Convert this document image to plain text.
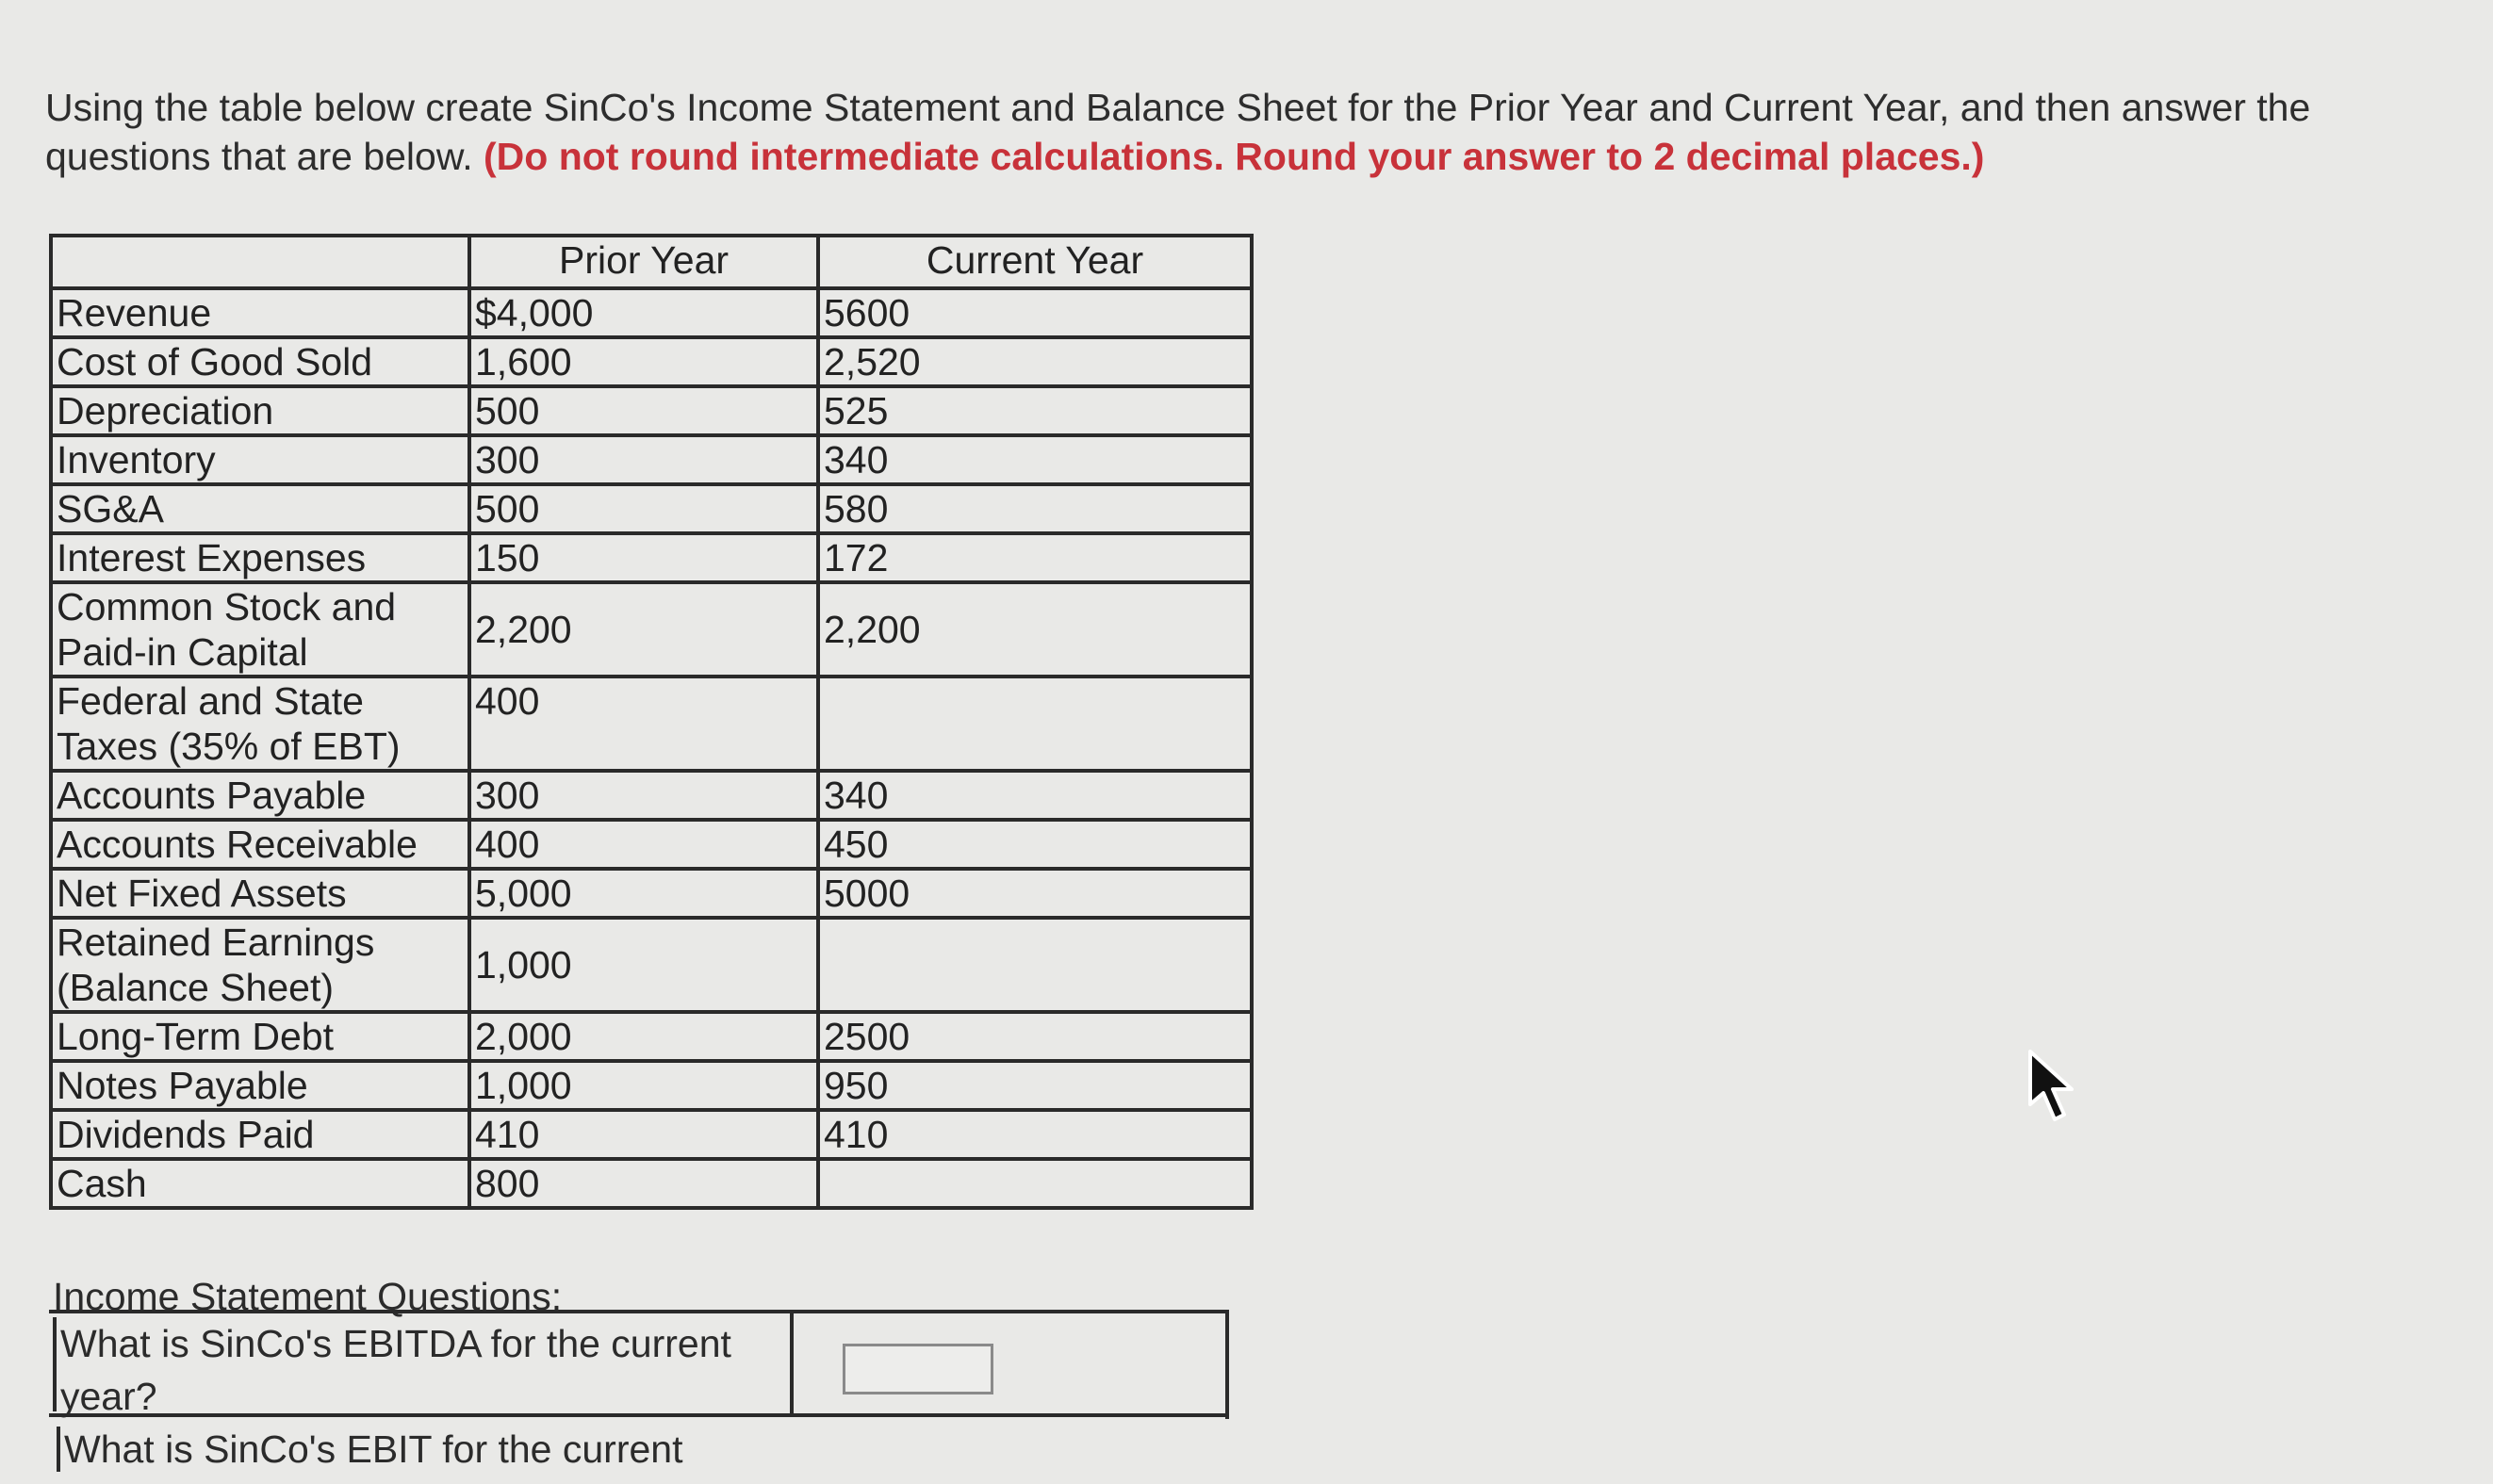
Using the table below create SinCo's Income Statement and Balance Sheet for the Prior Year and Current Year, and then answer the questions that are below. (Do not round intermediate calculations. Round your answer to 2 decimal places.)
	Prior Year	Current Year
Revenue	$4,000	5600
Cost of Good Sold	1,600	2,520
Depreciation	500	525
Inventory	300	340
SG&A	500	580
Interest Expenses	150	172
Common Stock and Paid-in Capital	2,200	2,200
Federal and State Taxes (35% of EBT)	400	
Accounts Payable	300	340
Accounts Receivable	400	450
Net Fixed Assets	5,000	5000
Retained Earnings (Balance Sheet)	1,000	
Long-Term Debt	2,000	2500
Notes Payable	1,000	950
Dividends Paid	410	410
Cash	800	
Income Statement Questions:
What is SinCo's EBITDA for the current year?
What is SinCo's EBIT for the current
